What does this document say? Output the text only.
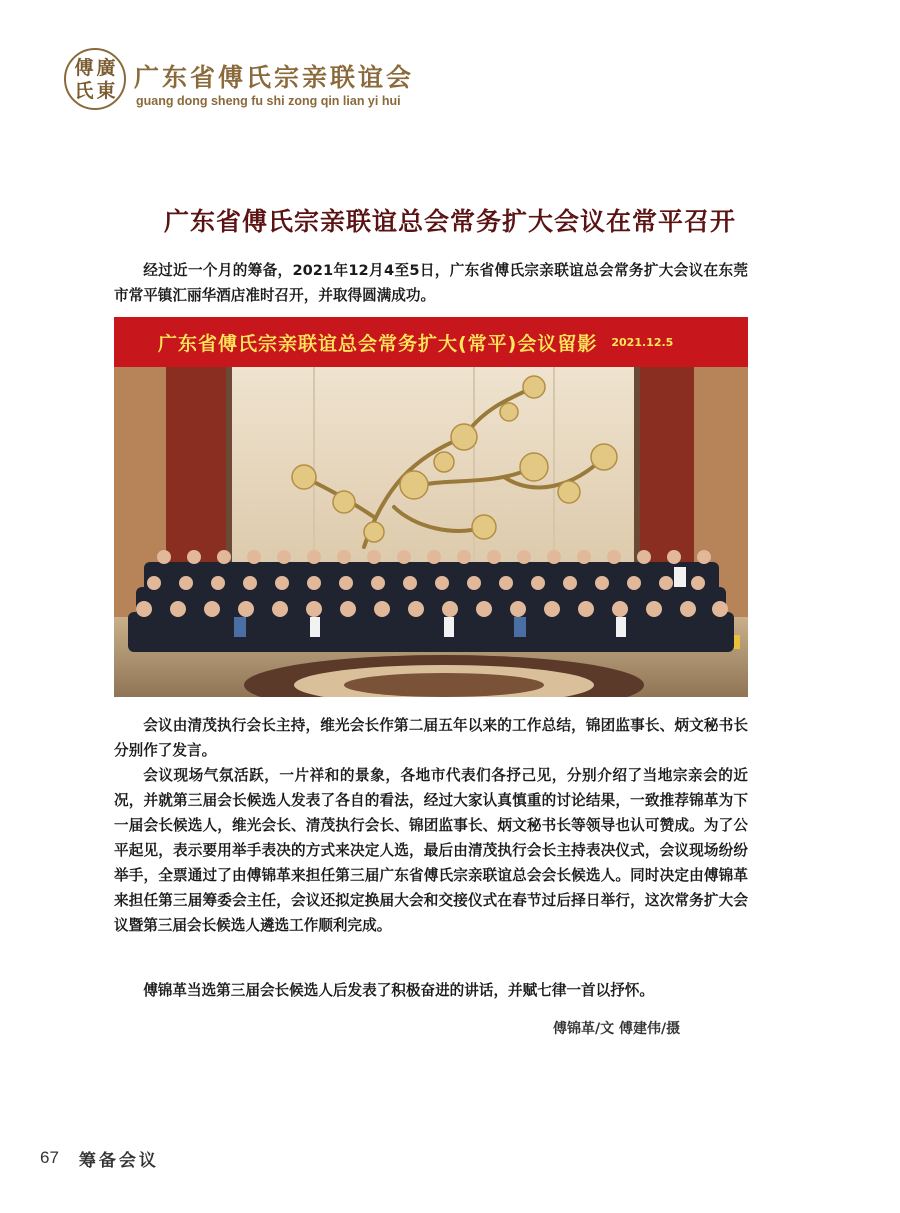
傅 廣
氏 東 广东省傅氏宗亲联谊会
guang dong sheng fu shi zong qin lian yi hui
广东省傅氏宗亲联谊总会常务扩大会议在常平召开

经过近一个月的筹备，2021年12月4至5日，广东省傅氏宗亲联谊总会常务扩大会议在东莞市常平镇汇丽华酒店准时召开，并取得圆满成功。

广东省傅氏宗亲联谊总会常务扩大(常平)会议留影 2021.12.5

会议由清茂执行会长主持，维光会长作第二届五年以来的工作总结，锦团监事长、炳文秘书长分别作了发言。

会议现场气氛活跃，一片祥和的景象，各地市代表们各抒己见，分别介绍了当地宗亲会的近况，并就第三届会长候选人发表了各自的看法，经过大家认真慎重的讨论结果，一致推荐锦革为下一届会长候选人，维光会长、清茂执行会长、锦团监事长、炳文秘书长等领导也认可赞成。为了公平起见，表示要用举手表决的方式来决定人选，最后由清茂执行会长主持表决仪式，会议现场纷纷举手，全票通过了由傅锦革来担任第三届广东省傅氏宗亲联谊总会会长候选人。同时决定由傅锦革来担任第三届筹委会主任，会议还拟定换届大会和交接仪式在春节过后择日举行，这次常务扩大会议暨第三届会长候选人遴选工作顺利完成。

傅锦革当选第三届会长候选人后发表了积极奋进的讲话，并赋七律一首以抒怀。

傅锦革/文 傅建伟/摄
67 筹备会议
